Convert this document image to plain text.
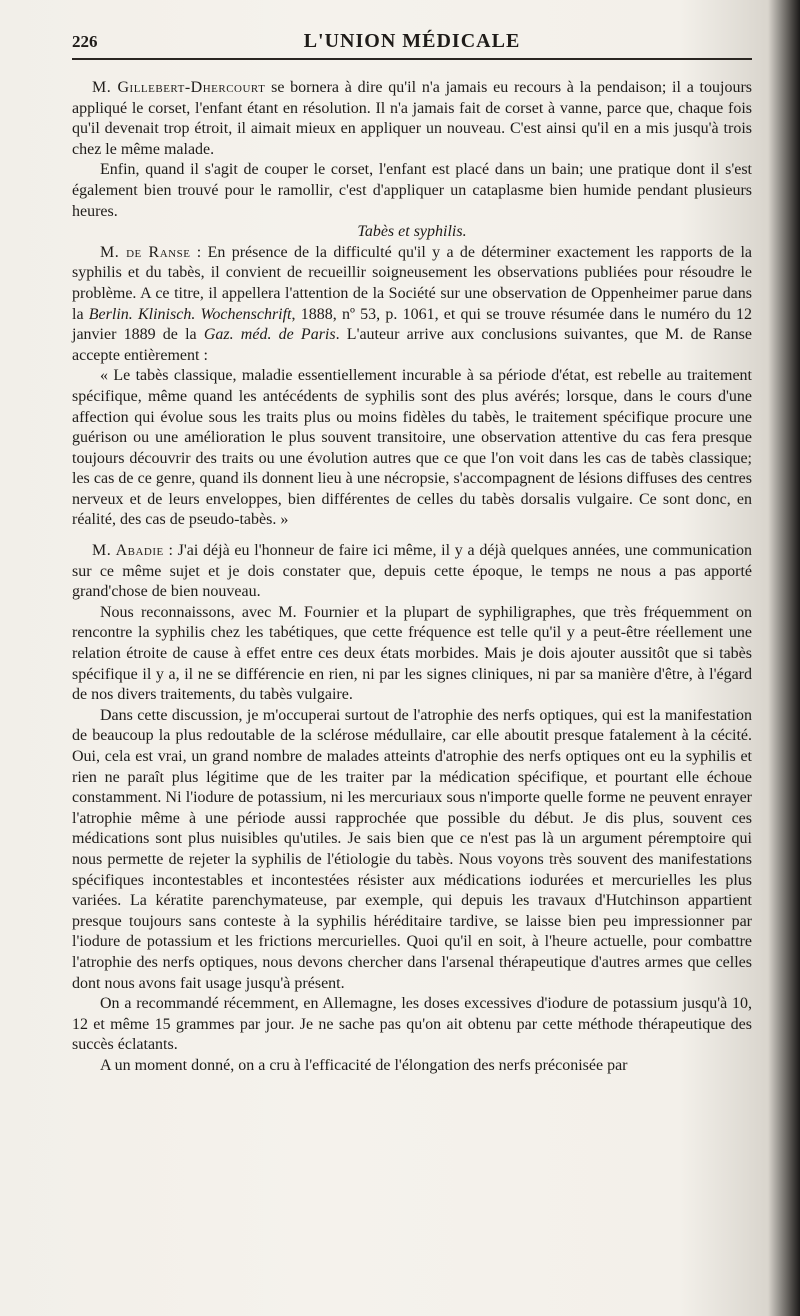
226	L'UNION MÉDICALE

M. Gillebert-Dhercourt se bornera à dire qu'il n'a jamais eu recours à la pendaison; il a toujours appliqué le corset, l'enfant étant en résolution. Il n'a jamais fait de corset à vanne, parce que, chaque fois qu'il devenait trop étroit, il aimait mieux en appliquer un nouveau. C'est ainsi qu'il en a mis jusqu'à trois chez le même malade.

Enfin, quand il s'agit de couper le corset, l'enfant est placé dans un bain; une pratique dont il s'est également bien trouvé pour le ramollir, c'est d'appliquer un cataplasme bien humide pendant plusieurs heures.

Tabès et syphilis.

M. de Ranse : En présence de la difficulté qu'il y a de déterminer exactement les rapports de la syphilis et du tabès, il convient de recueillir soigneusement les observations publiées pour résoudre le problème. A ce titre, il appellera l'attention de la Société sur une observation de Oppenheimer parue dans la Berlin. Klinisch. Wochenschrift, 1888, nº 53, p. 1061, et qui se trouve résumée dans le numéro du 12 janvier 1889 de la Gaz. méd. de Paris. L'auteur arrive aux conclusions suivantes, que M. de Ranse accepte entièrement :

« Le tabès classique, maladie essentiellement incurable à sa période d'état, est rebelle au traitement spécifique, même quand les antécédents de syphilis sont des plus avérés; lorsque, dans le cours d'une affection qui évolue sous les traits plus ou moins fidèles du tabès, le traitement spécifique procure une guérison ou une amélioration le plus souvent transitoire, une observation attentive du cas fera presque toujours découvrir des traits ou une évolution autres que ce que l'on voit dans les cas de tabès classique; les cas de ce genre, quand ils donnent lieu à une nécropsie, s'accompagnent de lésions diffuses des centres nerveux et de leurs enveloppes, bien différentes de celles du tabès dorsalis vulgaire. Ce sont donc, en réalité, des cas de pseudo-tabès. »

M. Abadie : J'ai déjà eu l'honneur de faire ici même, il y a déjà quelques années, une communication sur ce même sujet et je dois constater que, depuis cette époque, le temps ne nous a pas apporté grand'chose de bien nouveau.

Nous reconnaissons, avec M. Fournier et la plupart de syphiligraphes, que très fréquemment on rencontre la syphilis chez les tabétiques, que cette fréquence est telle qu'il y a peut-être réellement une relation étroite de cause à effet entre ces deux états morbides. Mais je dois ajouter aussitôt que si tabès spécifique il y a, il ne se différencie en rien, ni par les signes cliniques, ni par sa manière d'être, à l'égard de nos divers traitements, du tabès vulgaire.

Dans cette discussion, je m'occuperai surtout de l'atrophie des nerfs optiques, qui est la manifestation de beaucoup la plus redoutable de la sclérose médullaire, car elle aboutit presque fatalement à la cécité. Oui, cela est vrai, un grand nombre de malades atteints d'atrophie des nerfs optiques ont eu la syphilis et rien ne paraît plus légitime que de les traiter par la médication spécifique, et pourtant elle échoue constamment. Ni l'iodure de potassium, ni les mercuriaux sous n'importe quelle forme ne peuvent enrayer l'atrophie même à une période aussi rapprochée que possible du début. Je dis plus, souvent ces médications sont plus nuisibles qu'utiles. Je sais bien que ce n'est pas là un argument péremptoire qui nous permette de rejeter la syphilis de l'étiologie du tabès. Nous voyons très souvent des manifestations spécifiques incontestables et incontestées résister aux médications iodurées et mercurielles les plus variées. La kératite parenchymateuse, par exemple, qui depuis les travaux d'Hutchinson appartient presque toujours sans conteste à la syphilis héréditaire tardive, se laisse bien peu impressionner par l'iodure de potassium et les frictions mercurielles. Quoi qu'il en soit, à l'heure actuelle, pour combattre l'atrophie des nerfs optiques, nous devons chercher dans l'arsenal thérapeutique d'autres armes que celles dont nous avons fait usage jusqu'à présent.

On a recommandé récemment, en Allemagne, les doses excessives d'iodure de potassium jusqu'à 10, 12 et même 15 grammes par jour. Je ne sache pas qu'on ait obtenu par cette méthode thérapeutique des succès éclatants.

A un moment donné, on a cru à l'efficacité de l'élongation des nerfs préconisée par
